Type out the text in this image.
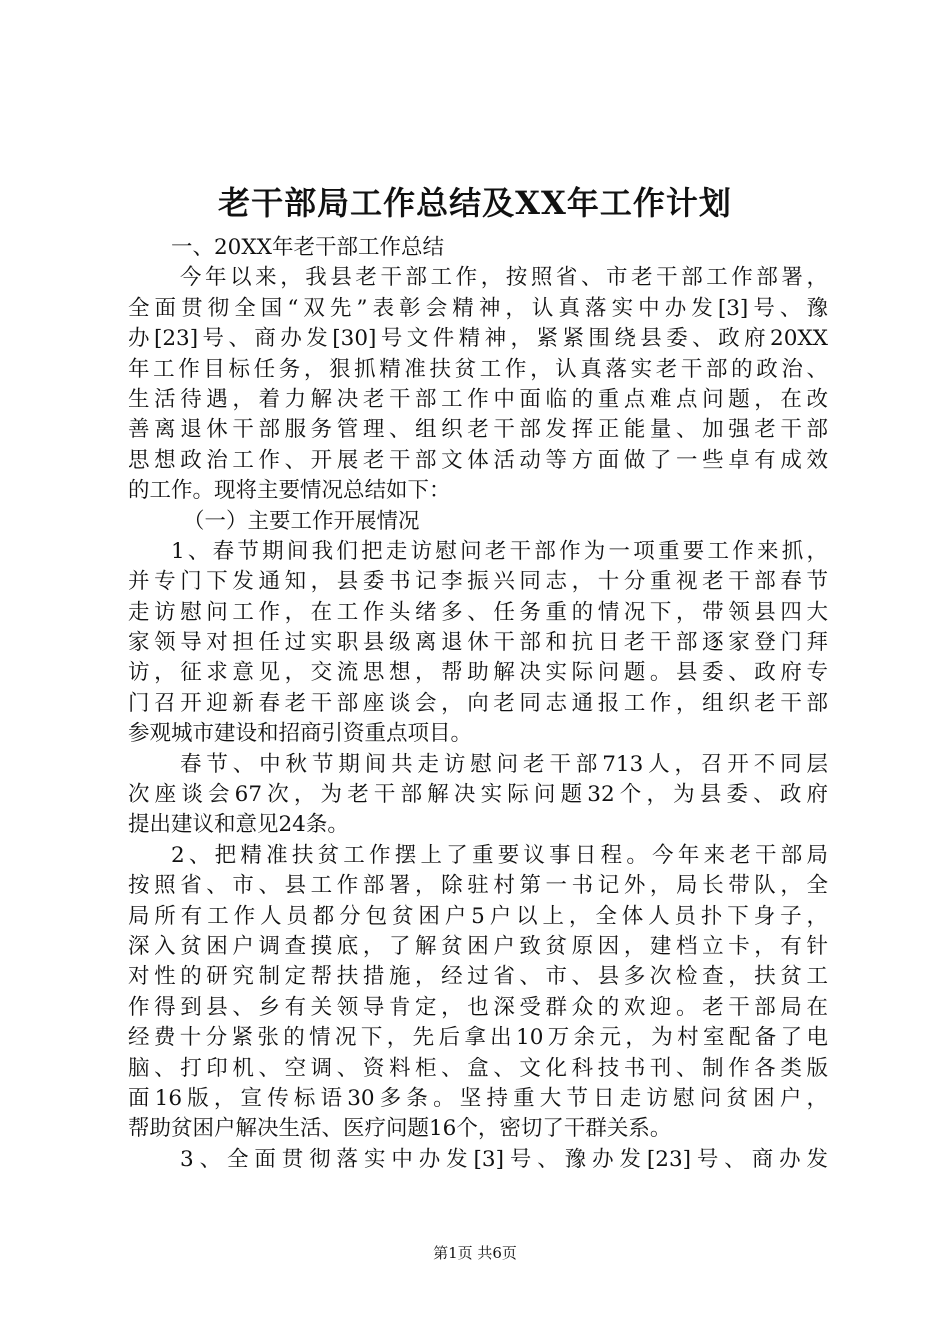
老干部局工作总结及XX年工作计划
一、20XX年老干部工作总结
今年以来，我县老干部工作，按照省、市老干部工作部署，
全面贯彻全国“双先”表彰会精神，认真落实中办发[3]号、豫
办[23]号、商办发[30]号文件精神，紧紧围绕县委、政府20XX
年工作目标任务，狠抓精准扶贫工作，认真落实老干部的政治、
生活待遇，着力解决老干部工作中面临的重点难点问题，在改
善离退休干部服务管理、组织老干部发挥正能量、加强老干部
思想政治工作、开展老干部文体活动等方面做了一些卓有成效
的工作。现将主要情况总结如下：
（一）主要工作开展情况
1、春节期间我们把走访慰问老干部作为一项重要工作来抓，
并专门下发通知，县委书记李振兴同志，十分重视老干部春节
走访慰问工作，在工作头绪多、任务重的情况下，带领县四大
家领导对担任过实职县级离退休干部和抗日老干部逐家登门拜
访，征求意见，交流思想，帮助解决实际问题。县委、政府专
门召开迎新春老干部座谈会，向老同志通报工作，组织老干部
参观城市建设和招商引资重点项目。
春节、中秋节期间共走访慰问老干部713人，召开不同层
次座谈会67次，为老干部解决实际问题32个，为县委、政府
提出建议和意见24条。
2、把精准扶贫工作摆上了重要议事日程。今年来老干部局
按照省、市、县工作部署，除驻村第一书记外，局长带队，全
局所有工作人员都分包贫困户5户以上，全体人员扑下身子，
深入贫困户调查摸底，了解贫困户致贫原因，建档立卡，有针
对性的研究制定帮扶措施，经过省、市、县多次检查，扶贫工
作得到县、乡有关领导肯定，也深受群众的欢迎。老干部局在
经费十分紧张的情况下，先后拿出10万余元，为村室配备了电
脑、打印机、空调、资料柜、盒、文化科技书刊、制作各类版
面16版，宣传标语30多条。坚持重大节日走访慰问贫困户，
帮助贫困户解决生活、医疗问题16个，密切了干群关系。
3、全面贯彻落实中办发[3]号、豫办发[23]号、商办发
第1页 共6页
